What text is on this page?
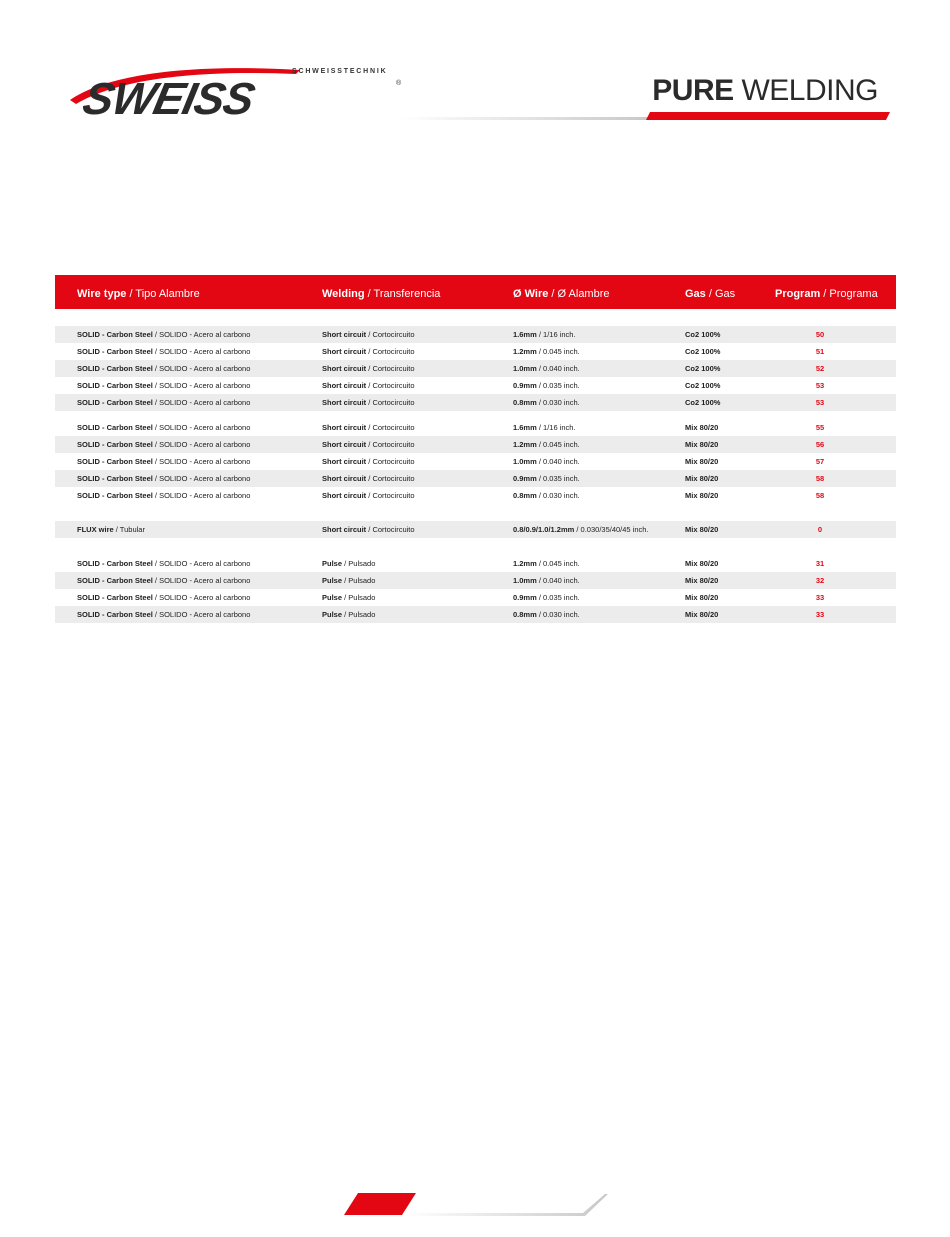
SCHWEISSTECHNIK
SWEISS	®	PURE WELDING
Wire type / Tipo Alambre	Welding / Transferencia	Ø Wire / Ø Alambre	Gas / Gas	Program / Programa
SOLID - Carbon Steel / SOLIDO - Acero al carbono	Short circuit / Cortocircuito	1.6mm / 1/16 inch.	Co2 100%	50
SOLID - Carbon Steel / SOLIDO - Acero al carbono	Short circuit / Cortocircuito	1.2mm / 0.045 inch.	Co2 100%	51
SOLID - Carbon Steel / SOLIDO - Acero al carbono	Short circuit / Cortocircuito	1.0mm / 0.040 inch.	Co2 100%	52
SOLID - Carbon Steel / SOLIDO - Acero al carbono	Short circuit / Cortocircuito	0.9mm / 0.035 inch.	Co2 100%	53
SOLID - Carbon Steel / SOLIDO - Acero al carbono	Short circuit / Cortocircuito	0.8mm / 0.030 inch.	Co2 100%	53
SOLID - Carbon Steel / SOLIDO - Acero al carbono	Short circuit / Cortocircuito	1.6mm / 1/16 inch.	Mix 80/20	55
SOLID - Carbon Steel / SOLIDO - Acero al carbono	Short circuit / Cortocircuito	1.2mm / 0.045 inch.	Mix 80/20	56
SOLID - Carbon Steel / SOLIDO - Acero al carbono	Short circuit / Cortocircuito	1.0mm / 0.040 inch.	Mix 80/20	57
SOLID - Carbon Steel / SOLIDO - Acero al carbono	Short circuit / Cortocircuito	0.9mm / 0.035 inch.	Mix 80/20	58
SOLID - Carbon Steel / SOLIDO - Acero al carbono	Short circuit / Cortocircuito	0.8mm / 0.030 inch.	Mix 80/20	58
FLUX wire / Tubular	Short circuit / Cortocircuito	0.8/0.9/1.0/1.2mm / 0.030/35/40/45 inch.	Mix 80/20	0
SOLID - Carbon Steel / SOLIDO - Acero al carbono	Pulse / Pulsado	1.2mm / 0.045 inch.	Mix 80/20	31
SOLID - Carbon Steel / SOLIDO - Acero al carbono	Pulse / Pulsado	1.0mm / 0.040 inch.	Mix 80/20	32
SOLID - Carbon Steel / SOLIDO - Acero al carbono	Pulse / Pulsado	0.9mm / 0.035 inch.	Mix 80/20	33
SOLID - Carbon Steel / SOLIDO - Acero al carbono	Pulse / Pulsado	0.8mm / 0.030 inch.	Mix 80/20	33
